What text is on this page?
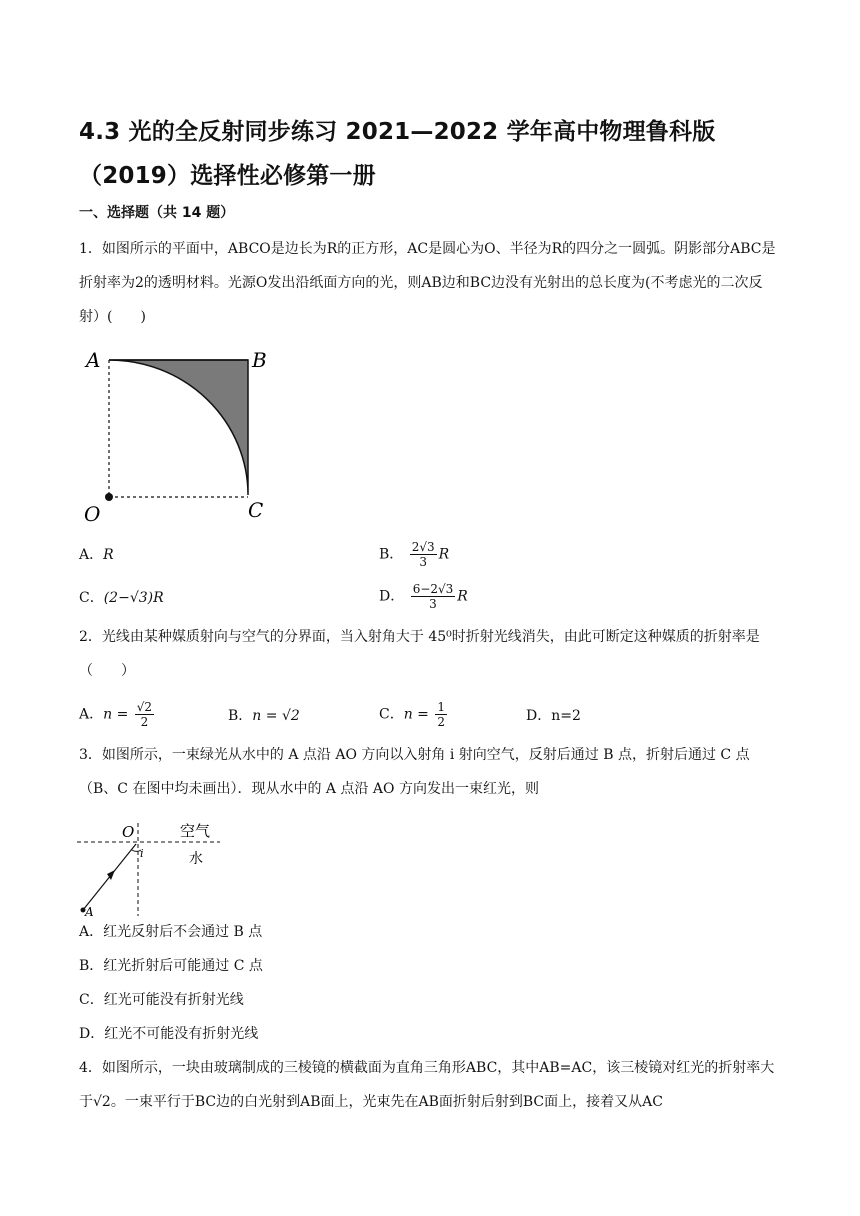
4.3 光的全反射同步练习 2021—2022 学年高中物理鲁科版（2019）选择性必修第一册
一、选择题（共 14 题）
1．如图所示的平面中，ABCO是边长为R的正方形，AC是圆心为O、半径为R的四分之一圆弧。阴影部分ABC是折射率为2的透明材料。光源O发出沿纸面方向的光，则AB边和BC边没有光射出的总长度为(不考虑光的二次反射）(　　)
A	B
C
O
A．R	B． $\frac{2√3}{3}$ R
C．(2−√3)R	D． $\frac{6-2√3}{3}$ R
2．光线由某种媒质射向与空气的分界面，当入射角大于 45⁰时折射光线消失，由此可断定这种媒质的折射率是（　　）
A．$n = \frac{√2}{2}$	B．n = √2	C．$n = \frac{1}{2}$	D．n=2
3．如图所示，一束绿光从水中的 A 点沿 AO 方向以入射角 i 射向空气，反射后通过 B 点，折射后通过 C 点（B、C 在图中均未画出）．现从水中的 A 点沿 AO 方向发出一束红光，则
O	空气
水
i
A
A．红光反射后不会通过 B 点
B．红光折射后可能通过 C 点
C．红光可能没有折射光线
D．红光不可能没有折射光线
4．如图所示，一块由玻璃制成的三棱镜的横截面为直角三角形ABC，其中AB=AC，该三棱镜对红光的折射率大于√2。一束平行于BC边的白光射到AB面上，光束先在AB面折射后射到BC面上，接着又从AC
